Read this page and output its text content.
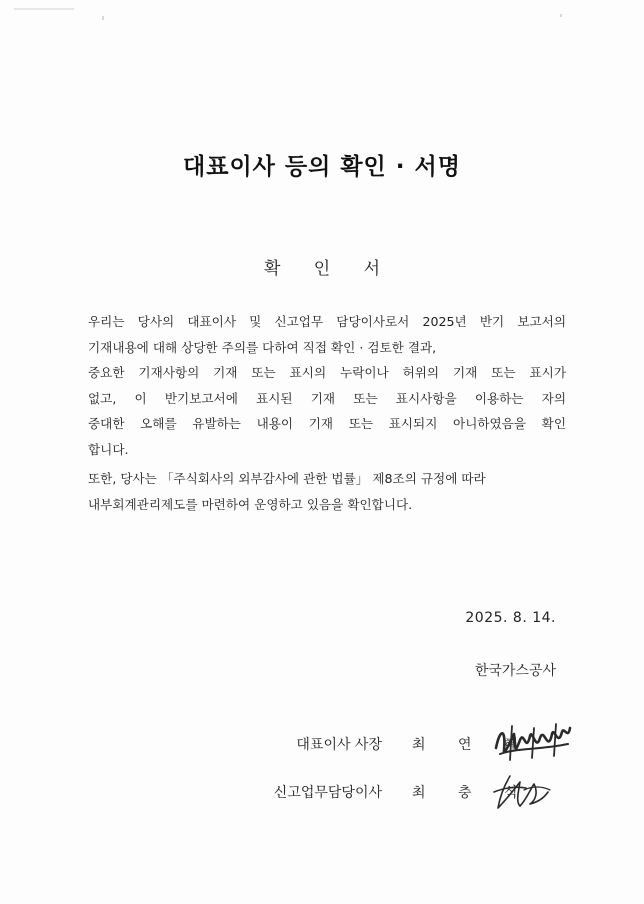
대표이사 등의 확인 · 서명
확 인 서
우리는 당사의 대표이사 및 신고업무 담당이사로서 2025년 반기 보고서의
기재내용에 대해 상당한 주의를 다하여 직접 확인 · 검토한 결과,
중요한 기재사항의 기재 또는 표시의 누락이나 허위의 기재 또는 표시가
없고, 이 반기보고서에 표시된 기재 또는 표시사항을 이용하는 자의
중대한 오해를 유발하는 내용이 기재 또는 표시되지 아니하였음을 확인
합니다.
또한, 당사는 「주식회사의 외부감사에 관한 법률」 제8조의 규정에 따라
내부회계관리제도를 마련하여 운영하고 있음을 확인합니다.
2025. 8. 14.
한국가스공사
대표이사 사장 최 연 혜
신고업무담당이사 최 충 식
